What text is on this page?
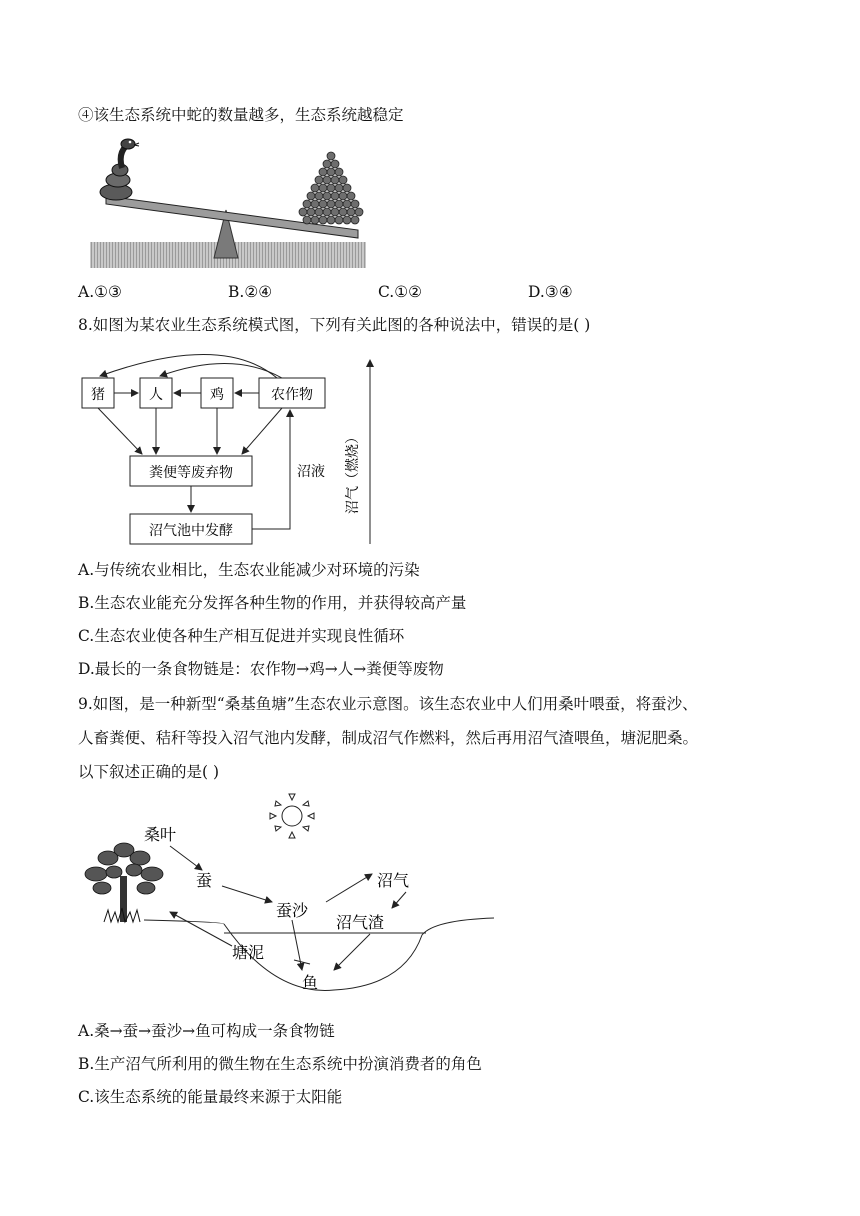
④该生态系统中蛇的数量越多，生态系统越稳定
A.①③	B.②④	C.①②	D.③④
8.如图为某农业生态系统模式图，下列有关此图的各种说法中，错误的是( )
猪	人	鸡	农作物
粪便等废弃物
沼气池中发酵
沼液 沼气（燃烧）
A.与传统农业相比，生态农业能减少对环境的污染
B.生态农业能充分发挥各种生物的作用，并获得较高产量
C.生态农业使各种生产相互促进并实现良性循环
D.最长的一条食物链是：农作物→鸡→人→粪便等废物
9.如图，是一种新型“桑基鱼塘”生态农业示意图。该生态农业中人们用桑叶喂蚕，将蚕沙、
人畜粪便、秸秆等投入沼气池内发酵，制成沼气作燃料，然后再用沼气渣喂鱼，塘泥肥桑。
以下叙述正确的是( )
桑叶
蚕
蚕沙
沼气
沼气渣
塘泥
鱼
A.桑→蚕→蚕沙→鱼可构成一条食物链
B.生产沼气所利用的微生物在生态系统中扮演消费者的角色
C.该生态系统的能量最终来源于太阳能
